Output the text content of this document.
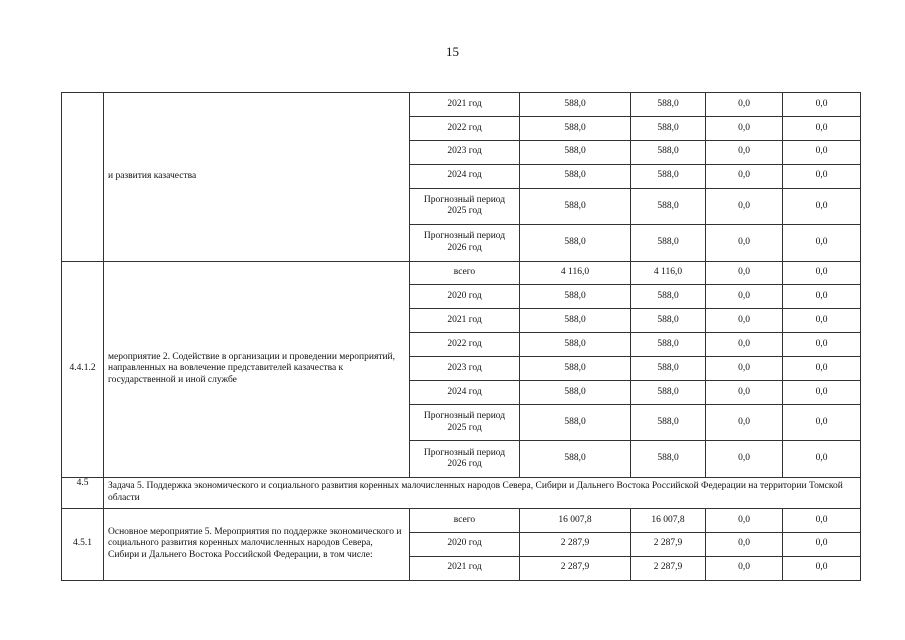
15
	и развития казачества	2021 год	588,0	588,0	0,0	0,0
		2022 год	588,0	588,0	0,0	0,0
		2023 год	588,0	588,0	0,0	0,0
		2024 год	588,0	588,0	0,0	0,0
		Прогнозный период 2025 год	588,0	588,0	0,0	0,0
		Прогнозный период 2026 год	588,0	588,0	0,0	0,0
4.4.1.2	мероприятие 2. Содействие в организации и проведении мероприятий, направленных на вовлечение представителей казачества к государственной и иной службе	всего	4 116,0	4 116,0	0,0	0,0
		2020 год	588,0	588,0	0,0	0,0
		2021 год	588,0	588,0	0,0	0,0
		2022 год	588,0	588,0	0,0	0,0
		2023 год	588,0	588,0	0,0	0,0
		2024 год	588,0	588,0	0,0	0,0
		Прогнозный период 2025 год	588,0	588,0	0,0	0,0
		Прогнозный период 2026 год	588,0	588,0	0,0	0,0
4.5	Задача 5. Поддержка экономического и социального развития коренных малочисленных народов Севера, Сибири и Дальнего Востока Российской Федерации на территории Томской области					
4.5.1	Основное мероприятие 5. Мероприятия по поддержке экономического и социального развития коренных малочисленных народов Севера, Сибири и Дальнего Востока Российской Федерации, в том числе:	всего	16 007,8	16 007,8	0,0	0,0
		2020 год	2 287,9	2 287,9	0,0	0,0
		2021 год	2 287,9	2 287,9	0,0	0,0
